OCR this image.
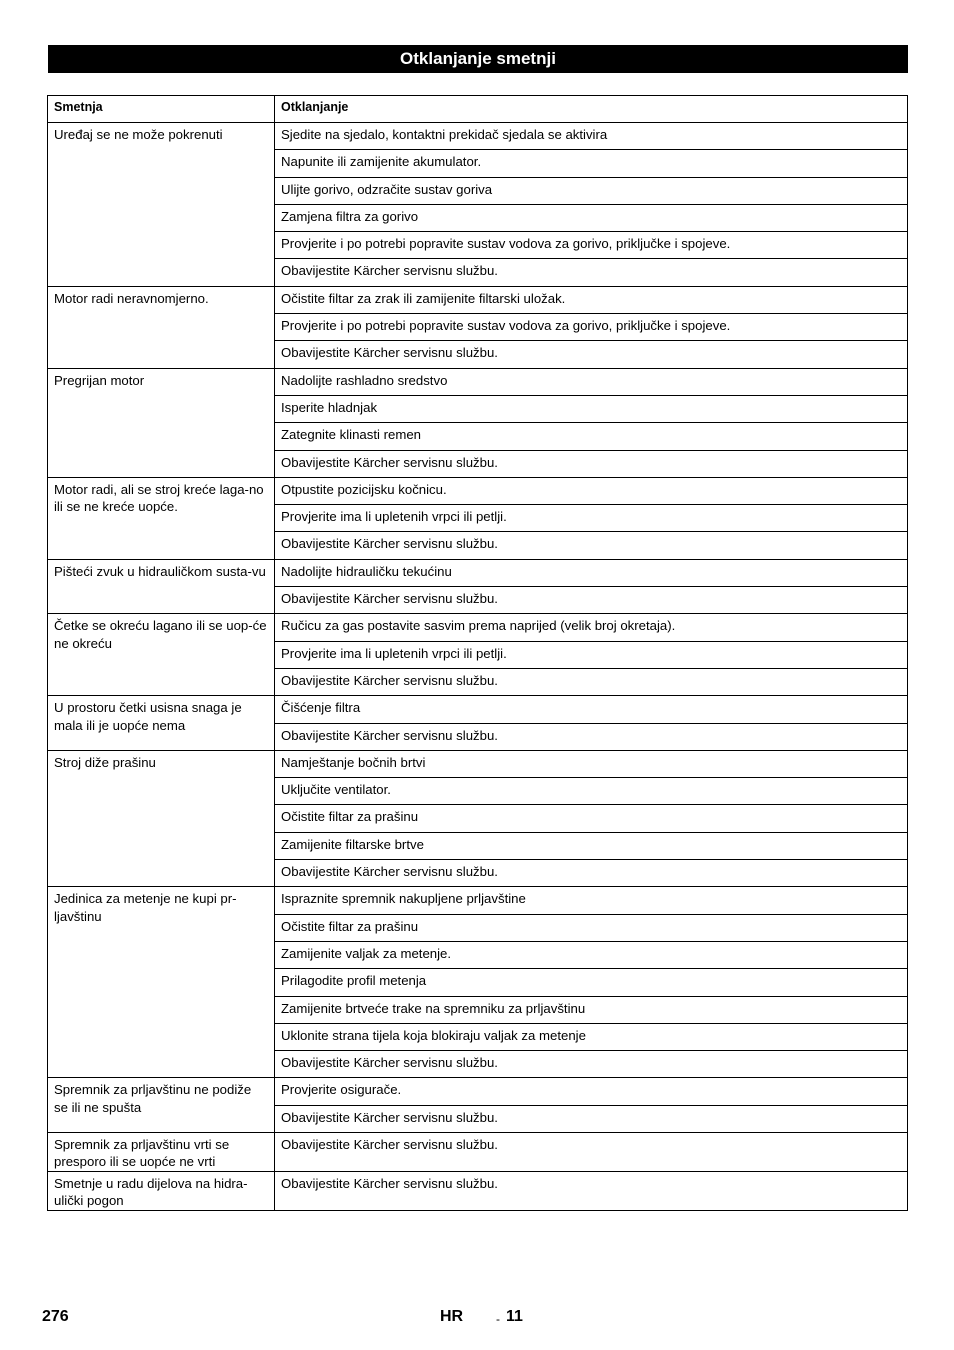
Otklanjanje smetnji
Smetnja	Otklanjanje
Uređaj se ne može pokrenuti	Sjedite na sjedalo, kontaktni prekidač sjedala se aktivira
	Napunite ili zamijenite akumulator.
	Ulijte gorivo, odzračite sustav goriva
	Zamjena filtra za gorivo
	Provjerite i po potrebi popravite sustav vodova za gorivo, priključke i spojeve.
	Obavijestite Kärcher servisnu službu.
Motor radi neravnomjerno.	Očistite filtar za zrak ili zamijenite filtarski uložak.
	Provjerite i po potrebi popravite sustav vodova za gorivo, priključke i spojeve.
	Obavijestite Kärcher servisnu službu.
Pregrijan motor	Nadolijte rashladno sredstvo
	Isperite hladnjak
	Zategnite klinasti remen
	Obavijestite Kärcher servisnu službu.
Motor radi, ali se stroj kreće laga-no ili se ne kreće uopće.	Otpustite pozicijsku kočnicu.
	Provjerite ima li upletenih vrpci ili petlji.
	Obavijestite Kärcher servisnu službu.
Pišteći zvuk u hidrauličkom susta-vu	Nadolijte hidrauličku tekućinu
	Obavijestite Kärcher servisnu službu.
Četke se okreću lagano ili se uop-će ne okreću	Ručicu za gas postavite sasvim prema naprijed (velik broj okretaja).
	Provjerite ima li upletenih vrpci ili petlji.
	Obavijestite Kärcher servisnu službu.
U prostoru četki usisna snaga je mala ili je uopće nema	Čišćenje filtra
	Obavijestite Kärcher servisnu službu.
Stroj diže prašinu	Namještanje bočnih brtvi
	Uključite ventilator.
	Očistite filtar za prašinu
	Zamijenite filtarske brtve
	Obavijestite Kärcher servisnu službu.
Jedinica za metenje ne kupi pr-ljavštinu	Ispraznite spremnik nakupljene prljavštine
	Očistite filtar za prašinu
	Zamijenite valjak za metenje.
	Prilagodite profil metenja
	Zamijenite brtveće trake na spremniku za prljavštinu
	Uklonite strana tijela koja blokiraju valjak za metenje
	Obavijestite Kärcher servisnu službu.
Spremnik za prljavštinu ne podiže se ili ne spušta	Provjerite osigurače.
	Obavijestite Kärcher servisnu službu.
Spremnik za prljavštinu vrti se presporo ili se uopće ne vrti	Obavijestite Kärcher servisnu službu.
Smetnje u radu dijelova na hidra-ulički pogon	Obavijestite Kärcher servisnu službu.
276	HR	- 11
